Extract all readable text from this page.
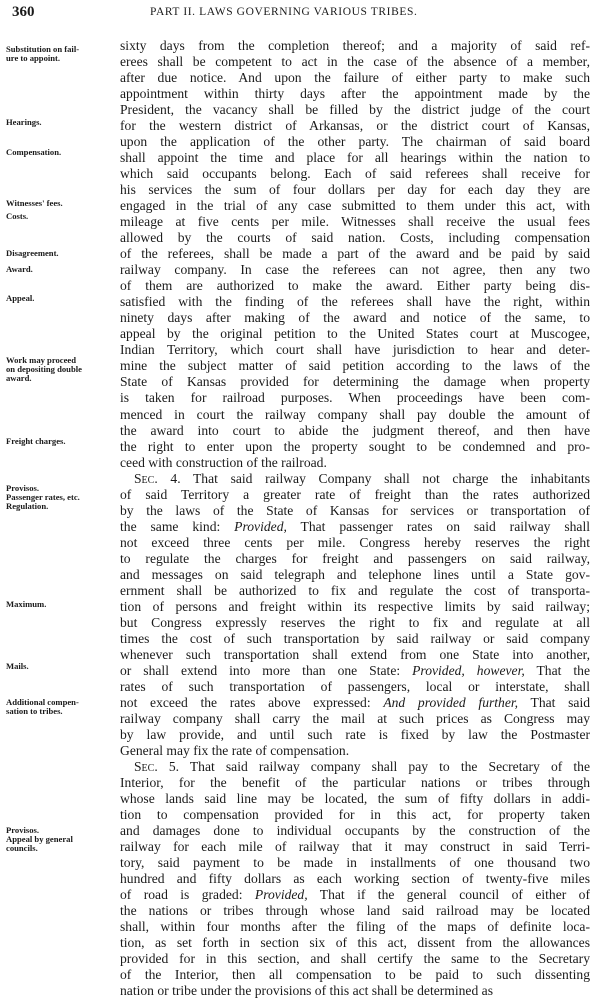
360	PART II. LAWS GOVERNING VARIOUS TRIBES.
Substitution on fail-
ure to appoint.
Hearings.
Compensation.
Witnesses' fees.
Costs.
Disagreement.
Award.
Appeal.
Work may proceed
on depositing double
award.
Freight charges.
Provisos.
Passenger rates, etc.
Regulation.
Maximum.
Mails.
Additional compen-
sation to tribes.
Provisos.
Appeal by general
councils.
sixty days from the completion thereof; and a majority of said ref-
erees shall be competent to act in the case of the absence of a member,
after due notice. And upon the failure of either party to make such
appointment within thirty days after the appointment made by the
President, the vacancy shall be filled by the district judge of the court
for the western district of Arkansas, or the district court of Kansas,
upon the application of the other party. The chairman of said board
shall appoint the time and place for all hearings within the nation to
which said occupants belong. Each of said referees shall receive for
his services the sum of four dollars per day for each day they are
engaged in the trial of any case submitted to them under this act, with
mileage at five cents per mile. Witnesses shall receive the usual fees
allowed by the courts of said nation. Costs, including compensation
of the referees, shall be made a part of the award and be paid by said
railway company. In case the referees can not agree, then any two
of them are authorized to make the award. Either party being dis-
satisfied with the finding of the referees shall have the right, within
ninety days after making of the award and notice of the same, to
appeal by the original petition to the United States court at Muscogee,
Indian Territory, which court shall have jurisdiction to hear and deter-
mine the subject matter of said petition according to the laws of the
State of Kansas provided for determining the damage when property
is taken for railroad purposes. When proceedings have been com-
menced in court the railway company shall pay double the amount of
the award into court to abide the judgment thereof, and then have
the right to enter upon the property sought to be condemned and pro-
ceed with construction of the railroad.
Sec. 4. That said railway Company shall not charge the inhabitants
of said Territory a greater rate of freight than the rates authorized
by the laws of the State of Kansas for services or transportation of
the same kind: Provided, That passenger rates on said railway shall
not exceed three cents per mile. Congress hereby reserves the right
to regulate the charges for freight and passengers on said railway,
and messages on said telegraph and telephone lines until a State gov-
ernment shall be authorized to fix and regulate the cost of transporta-
tion of persons and freight within its respective limits by said railway;
but Congress expressly reserves the right to fix and regulate at all
times the cost of such transportation by said railway or said company
whenever such transportation shall extend from one State into another,
or shall extend into more than one State: Provided, however, That the
rates of such transportation of passengers, local or interstate, shall
not exceed the rates above expressed: And provided further, That said
railway company shall carry the mail at such prices as Congress may
by law provide, and until such rate is fixed by law the Postmaster
General may fix the rate of compensation.
Sec. 5. That said railway company shall pay to the Secretary of the
Interior, for the benefit of the particular nations or tribes through
whose lands said line may be located, the sum of fifty dollars in addi-
tion to compensation provided for in this act, for property taken
and damages done to individual occupants by the construction of the
railway for each mile of railway that it may construct in said Terri-
tory, said payment to be made in installments of one thousand two
hundred and fifty dollars as each working section of twenty-five miles
of road is graded: Provided, That if the general council of either of
the nations or tribes through whose land said railroad may be located
shall, within four months after the filing of the maps of definite loca-
tion, as set forth in section six of this act, dissent from the allowances
provided for in this section, and shall certify the same to the Secretary
of the Interior, then all compensation to be paid to such dissenting
nation or tribe under the provisions of this act shall be determined as
